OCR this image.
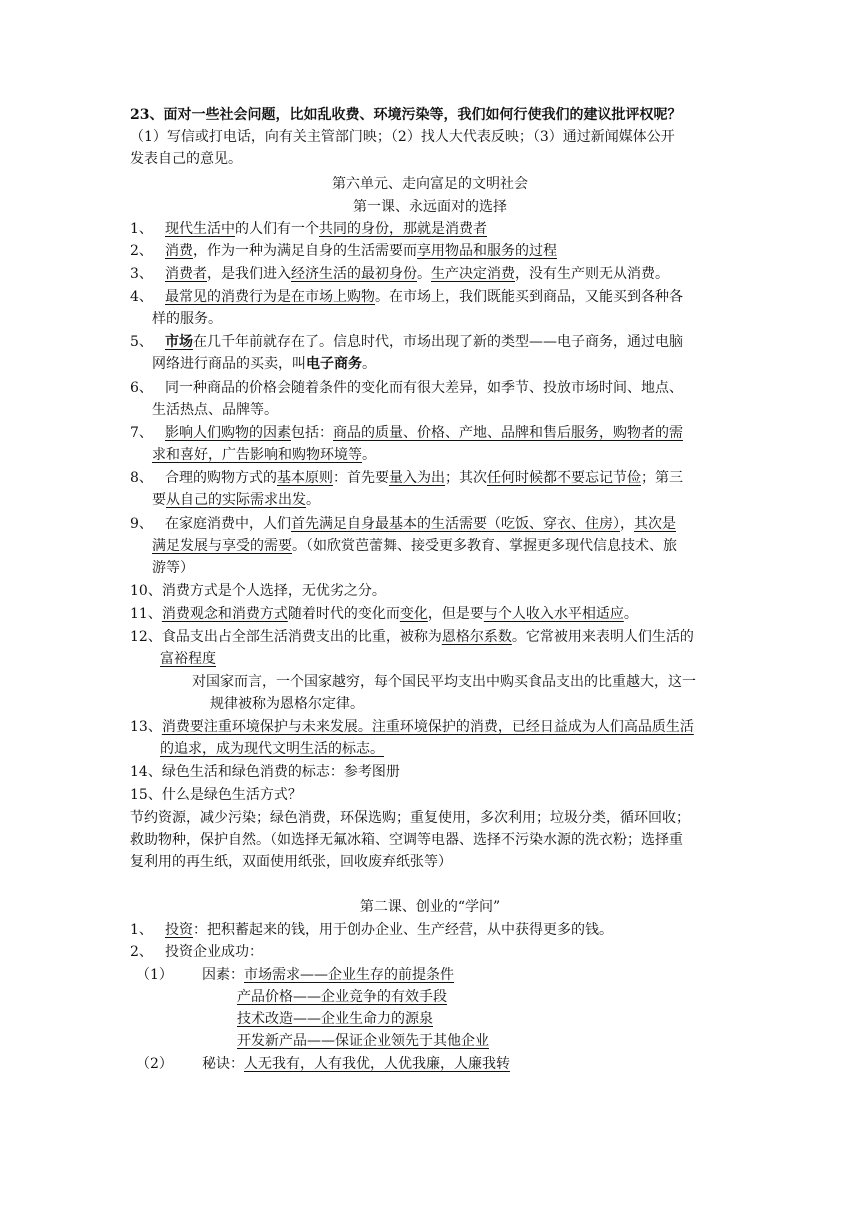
23、面对一些社会问题，比如乱收费、环境污染等，我们如何行使我们的建议批评权呢？
（1）写信或打电话，向有关主管部门映；（2）找人大代表反映；（3）通过新闻媒体公开
发表自己的意见。
第六单元、走向富足的文明社会
第一课、永远面对的选择
1、 现代生活中的人们有一个共同的身份，那就是消费者
2、 消费，作为一种为满足自身的生活需要而享用物品和服务的过程
3、 消费者，是我们进入经济生活的最初身份。生产决定消费，没有生产则无从消费。
4、 最常见的消费行为是在市场上购物。在市场上，我们既能买到商品，又能买到各种各
样的服务。
5、 市场在几千年前就存在了。信息时代，市场出现了新的类型——电子商务，通过电脑
网络进行商品的买卖，叫电子商务。
6、 同一种商品的价格会随着条件的变化而有很大差异，如季节、投放市场时间、地点、
生活热点、品牌等。
7、 影响人们购物的因素包括：商品的质量、价格、产地、品牌和售后服务，购物者的需
求和喜好，广告影响和购物环境等。
8、 合理的购物方式的基本原则：首先要量入为出；其次任何时候都不要忘记节俭；第三
要从自己的实际需求出发。
9、 在家庭消费中，人们首先满足自身最基本的生活需要（吃饭、穿衣、住房），其次是
满足发展与享受的需要。（如欣赏芭蕾舞、接受更多教育、掌握更多现代信息技术、旅
游等）
10、消费方式是个人选择，无优劣之分。
11、消费观念和消费方式随着时代的变化而变化，但是要与个人收入水平相适应。
12、食品支出占全部生活消费支出的比重，被称为恩格尔系数。它常被用来表明人们生活的
富裕程度
对国家而言，一个国家越穷，每个国民平均支出中购买食品支出的比重越大，这一
规律被称为恩格尔定律。
13、消费要注重环境保护与未来发展。注重环境保护的消费，已经日益成为人们高品质生活
的追求，成为现代文明生活的标志。
14、绿色生活和绿色消费的标志：参考图册
15、什么是绿色生活方式？
节约资源，减少污染；绿色消费，环保选购；重复使用，多次利用；垃圾分类，循环回收；
救助物种，保护自然。（如选择无氟冰箱、空调等电器、选择不污染水源的洗衣粉；选择重
复利用的再生纸，双面使用纸张，回收废弃纸张等）
第二课、创业的“学问”
1、 投资：把积蓄起来的钱，用于创办企业、生产经营，从中获得更多的钱。
2、 投资企业成功：
（1） 因素：市场需求——企业生存的前提条件
产品价格——企业竞争的有效手段
技术改造——企业生命力的源泉
开发新产品——保证企业领先于其他企业
（2） 秘诀：人无我有，人有我优，人优我廉，人廉我转
